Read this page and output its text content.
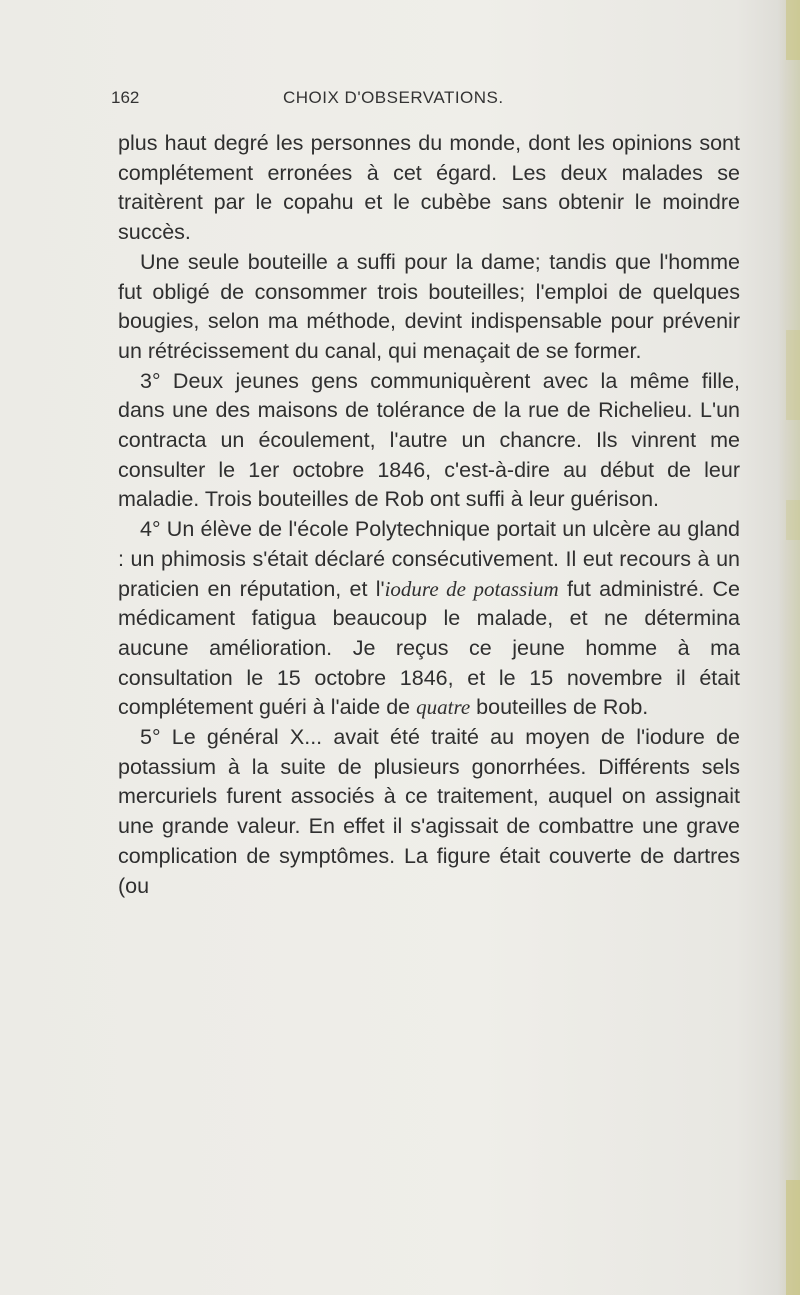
162	CHOIX D'OBSERVATIONS.

plus haut degré les personnes du monde, dont les opinions sont complétement erronées à cet égard. Les deux malades se traitèrent par le copahu et le cubèbe sans obtenir le moindre succès.

Une seule bouteille a suffi pour la dame; tandis que l'homme fut obligé de consommer trois bouteilles; l'emploi de quelques bougies, selon ma méthode, devint indispensable pour prévenir un rétrécissement du canal, qui menaçait de se former.

3° Deux jeunes gens communiquèrent avec la même fille, dans une des maisons de tolérance de la rue de Richelieu. L'un contracta un écoulement, l'autre un chancre. Ils vinrent me consulter le 1er octobre 1846, c'est-à-dire au début de leur maladie. Trois bouteilles de Rob ont suffi à leur guérison.

4° Un élève de l'école Polytechnique portait un ulcère au gland : un phimosis s'était déclaré consécutivement. Il eut recours à un praticien en réputation, et l'iodure de potassium fut administré. Ce médicament fatigua beaucoup le malade, et ne détermina aucune amélioration. Je reçus ce jeune homme à ma consultation le 15 octobre 1846, et le 15 novembre il était complétement guéri à l'aide de quatre bouteilles de Rob.

5° Le général X... avait été traité au moyen de l'iodure de potassium à la suite de plusieurs gonorrhées. Différents sels mercuriels furent associés à ce traitement, auquel on assignait une grande valeur. En effet il s'agissait de combattre une grave complication de symptômes. La figure était couverte de dartres (ou
